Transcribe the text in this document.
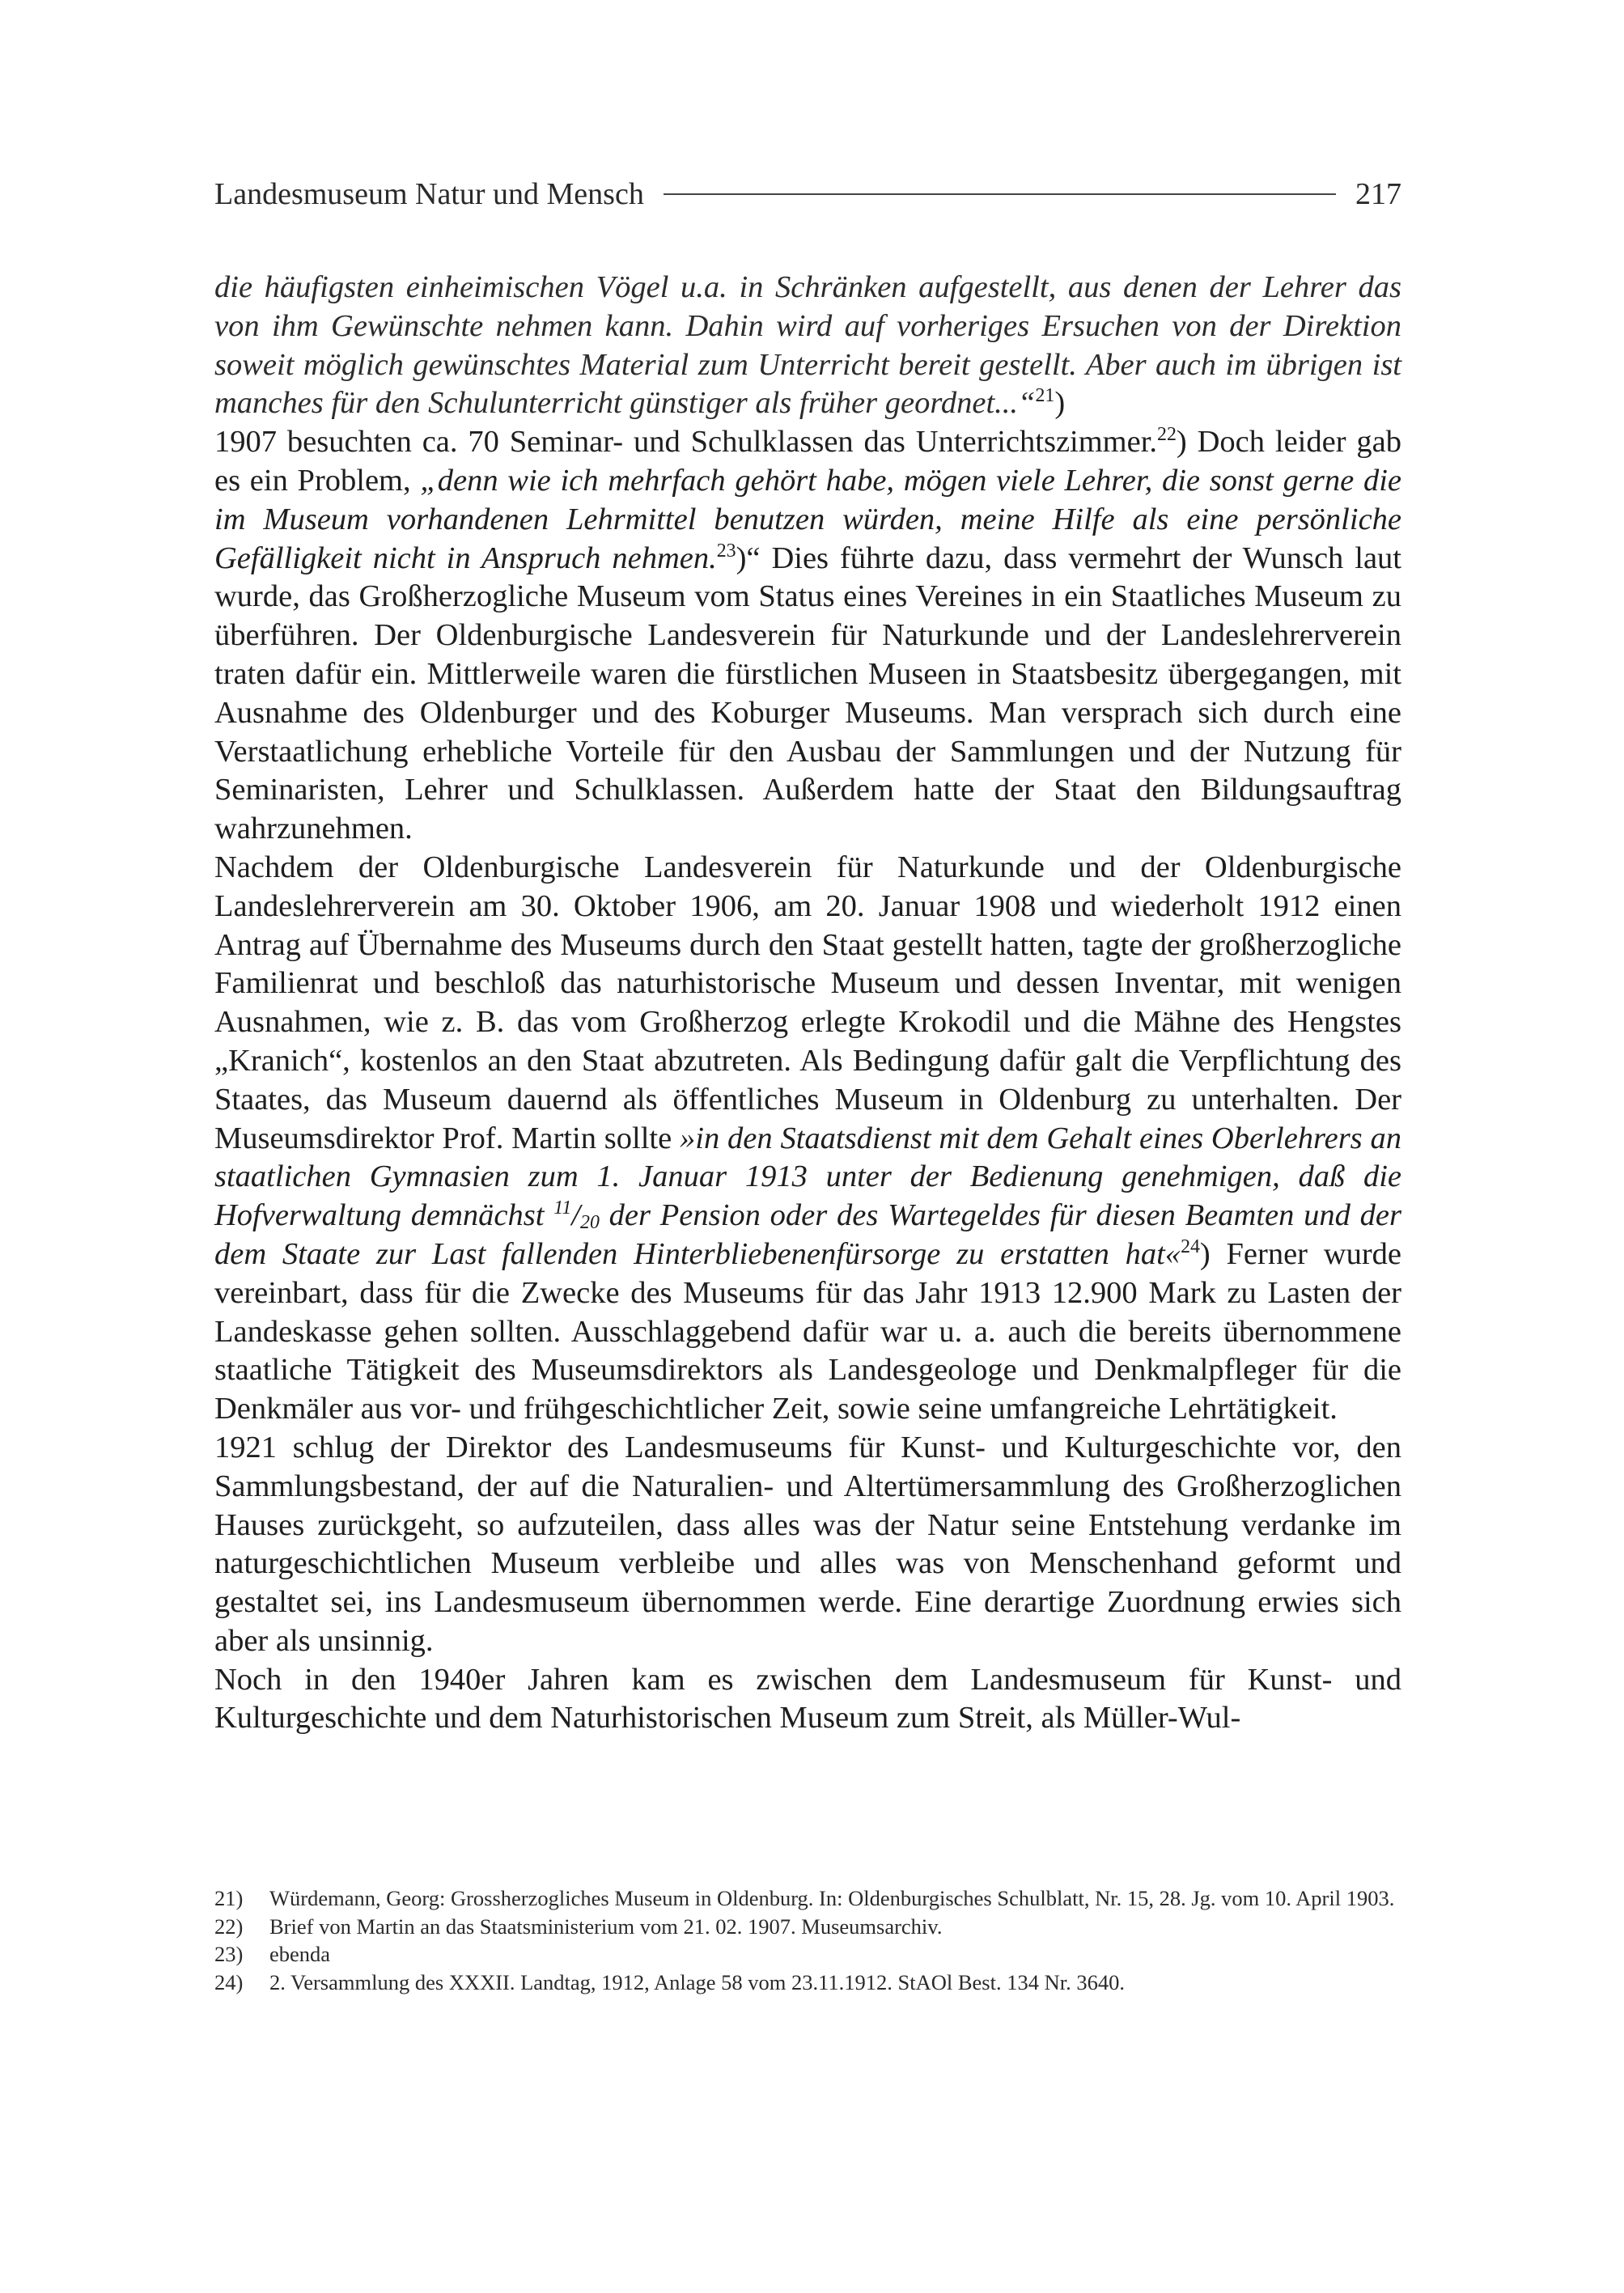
Landesmuseum Natur und Mensch	217

die häufigsten einheimischen Vögel u.a. in Schränken aufgestellt, aus denen der Lehrer das von ihm Gewünschte nehmen kann. Dahin wird auf vorheriges Ersuchen von der Direktion soweit möglich gewünschtes Material zum Unterricht bereit gestellt. Aber auch im übrigen ist manches für den Schulunterricht günstiger als früher geordnet...“$^{21}$)

1907 besuchten ca. 70 Seminar- und Schulklassen das Unterrichtszimmer.$^{22}$) Doch leider gab es ein Problem, „denn wie ich mehrfach gehört habe, mögen viele Lehrer, die sonst gerne die im Museum vorhandenen Lehrmittel benutzen würden, meine Hilfe als eine persönliche Gefälligkeit nicht in Anspruch nehmen.$^{23}$)“ Dies führte dazu, dass vermehrt der Wunsch laut wurde, das Großherzogliche Museum vom Status eines Vereines in ein Staatliches Museum zu überführen. Der Oldenburgische Landesverein für Naturkunde und der Landeslehrerverein traten dafür ein. Mittlerweile waren die fürstlichen Museen in Staatsbesitz übergegangen, mit Ausnahme des Oldenburger und des Koburger Museums. Man versprach sich durch eine Verstaatlichung erhebliche Vorteile für den Ausbau der Sammlungen und der Nutzung für Seminaristen, Lehrer und Schulklassen. Außerdem hatte der Staat den Bildungsauftrag wahrzunehmen.

Nachdem der Oldenburgische Landesverein für Naturkunde und der Oldenburgische Landeslehrerverein am 30. Oktober 1906, am 20. Januar 1908 und wiederholt 1912 einen Antrag auf Übernahme des Museums durch den Staat gestellt hatten, tagte der großherzogliche Familienrat und beschloß das naturhistorische Museum und dessen Inventar, mit wenigen Ausnahmen, wie z. B. das vom Großherzog erlegte Krokodil und die Mähne des Hengstes „Kranich“, kostenlos an den Staat abzutreten. Als Bedingung dafür galt die Verpflichtung des Staates, das Museum dauernd als öffentliches Museum in Oldenburg zu unterhalten. Der Museumsdirektor Prof. Martin sollte »in den Staatsdienst mit dem Gehalt eines Oberlehrers an staatlichen Gymnasien zum 1. Januar 1913 unter der Bedienung genehmigen, daß die Hofverwaltung demnächst $^{11}/_{20}$ der Pension oder des Wartegeldes für diesen Beamten und der dem Staate zur Last fallenden Hinterbliebenenfürsorge zu erstatten hat«$^{24}$) Ferner wurde vereinbart, dass für die Zwecke des Museums für das Jahr 1913 12.900 Mark zu Lasten der Landeskasse gehen sollten. Ausschlaggebend dafür war u. a. auch die bereits übernommene staatliche Tätigkeit des Museumsdirektors als Landesgeologe und Denkmalpfleger für die Denkmäler aus vor- und frühgeschichtlicher Zeit, sowie seine umfangreiche Lehrtätigkeit.

1921 schlug der Direktor des Landesmuseums für Kunst- und Kulturgeschichte vor, den Sammlungsbestand, der auf die Naturalien- und Altertümersammlung des Großherzoglichen Hauses zurückgeht, so aufzuteilen, dass alles was der Natur seine Entstehung verdanke im naturgeschichtlichen Museum verbleibe und alles was von Menschenhand geformt und gestaltet sei, ins Landesmuseum übernommen werde. Eine derartige Zuordnung erwies sich aber als unsinnig.

Noch in den 1940er Jahren kam es zwischen dem Landesmuseum für Kunst- und Kulturgeschichte und dem Naturhistorischen Museum zum Streit, als Müller-Wul-

21)	Würdemann, Georg: Grossherzogliches Museum in Oldenburg. In: Oldenburgisches Schulblatt, Nr. 15, 28. Jg. vom 10. April 1903.
22)	Brief von Martin an das Staatsministerium vom 21. 02. 1907. Museumsarchiv.
23)	ebenda
24)	2. Versammlung des XXXII. Landtag, 1912, Anlage 58 vom 23.11.1912. StAOl Best. 134 Nr. 3640.
